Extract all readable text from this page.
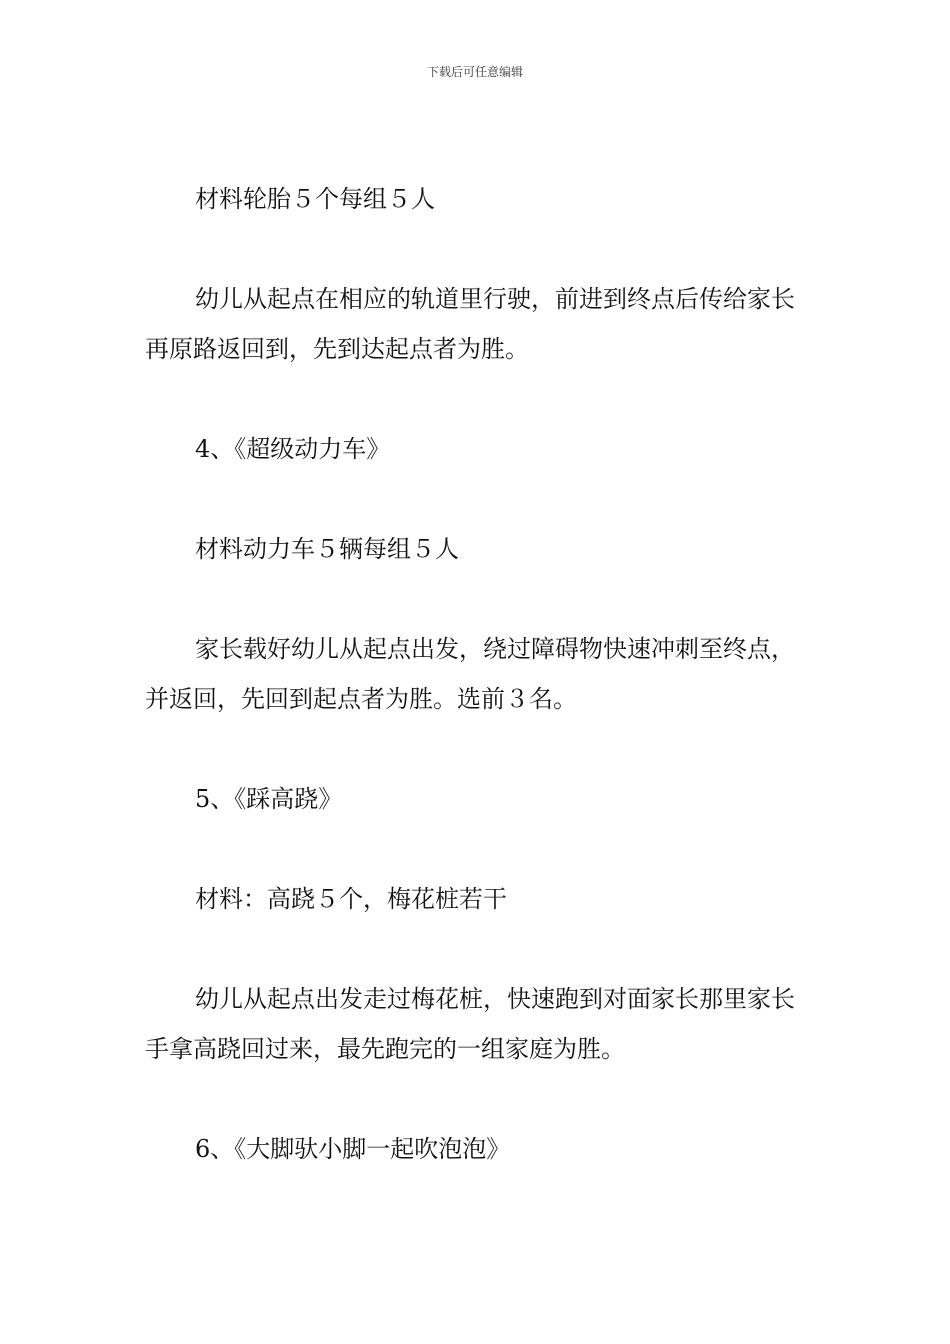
下载后可任意编辑

材料轮胎５个每组５人

幼儿从起点在相应的轨道里行驶，前进到终点后传给家长再原路返回到，先到达起点者为胜。

4、《超级动力车》

材料动力车５辆每组５人

家长载好幼儿从起点出发，绕过障碍物快速冲刺至终点，并返回，先回到起点者为胜。选前３名。

5、《踩高跷》

材料：高跷５个，梅花桩若干

幼儿从起点出发走过梅花桩，快速跑到对面家长那里家长手拿高跷回过来，最先跑完的一组家庭为胜。

6、《大脚驮小脚一起吹泡泡》
